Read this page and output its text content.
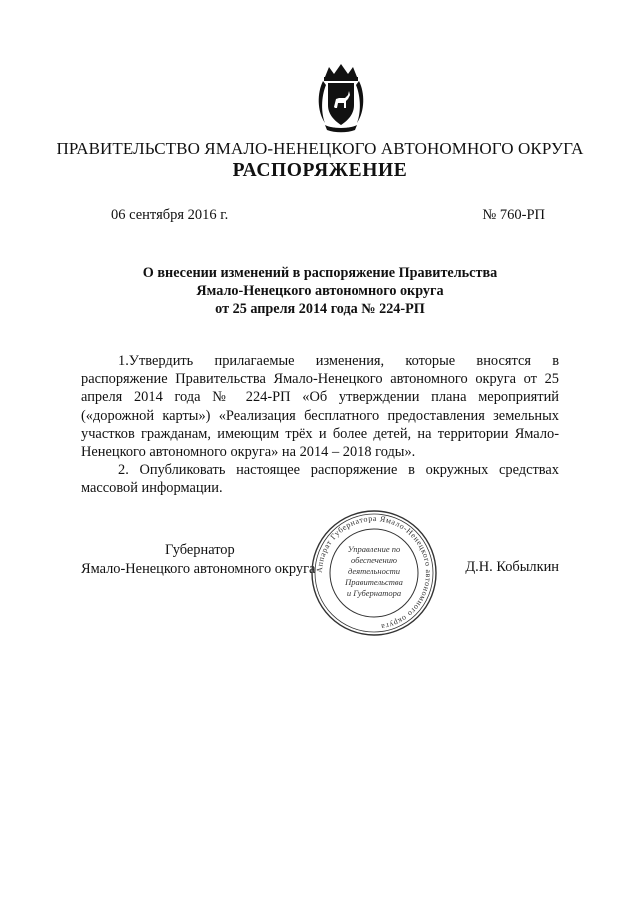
ПРАВИТЕЛЬСТВО ЯМАЛО-НЕНЕЦКОГО АВТОНОМНОГО ОКРУГА
РАСПОРЯЖЕНИЕ
06 сентября 2016 г.	№ 760-РП
О внесении изменений в распоряжение Правительства
Ямало-Ненецкого автономного округа
от 25 апреля 2014 года № 224-РП

1.Утвердить прилагаемые изменения, которые вносятся в распоряжение Правительства Ямало-Ненецкого автономного округа от 25 апреля 2014 года № 224-РП «Об утверждении плана мероприятий («дорожной карты») «Реализация бесплатного предоставления земельных участков гражданам, имеющим трёх и более детей, на территории Ямало-Ненецкого автономного округа» на 2014 – 2018 годы».

2. Опубликовать настоящее распоряжение в окружных средствах массовой информации.

Губернатор
Ямало-Ненецкого автономного округа	Д.Н. Кобылкин
Аппарат Губернатора Ямало-Ненецкого автономного округа
Управление по
обеспечению
деятельности
Правительства
и Губернатора
